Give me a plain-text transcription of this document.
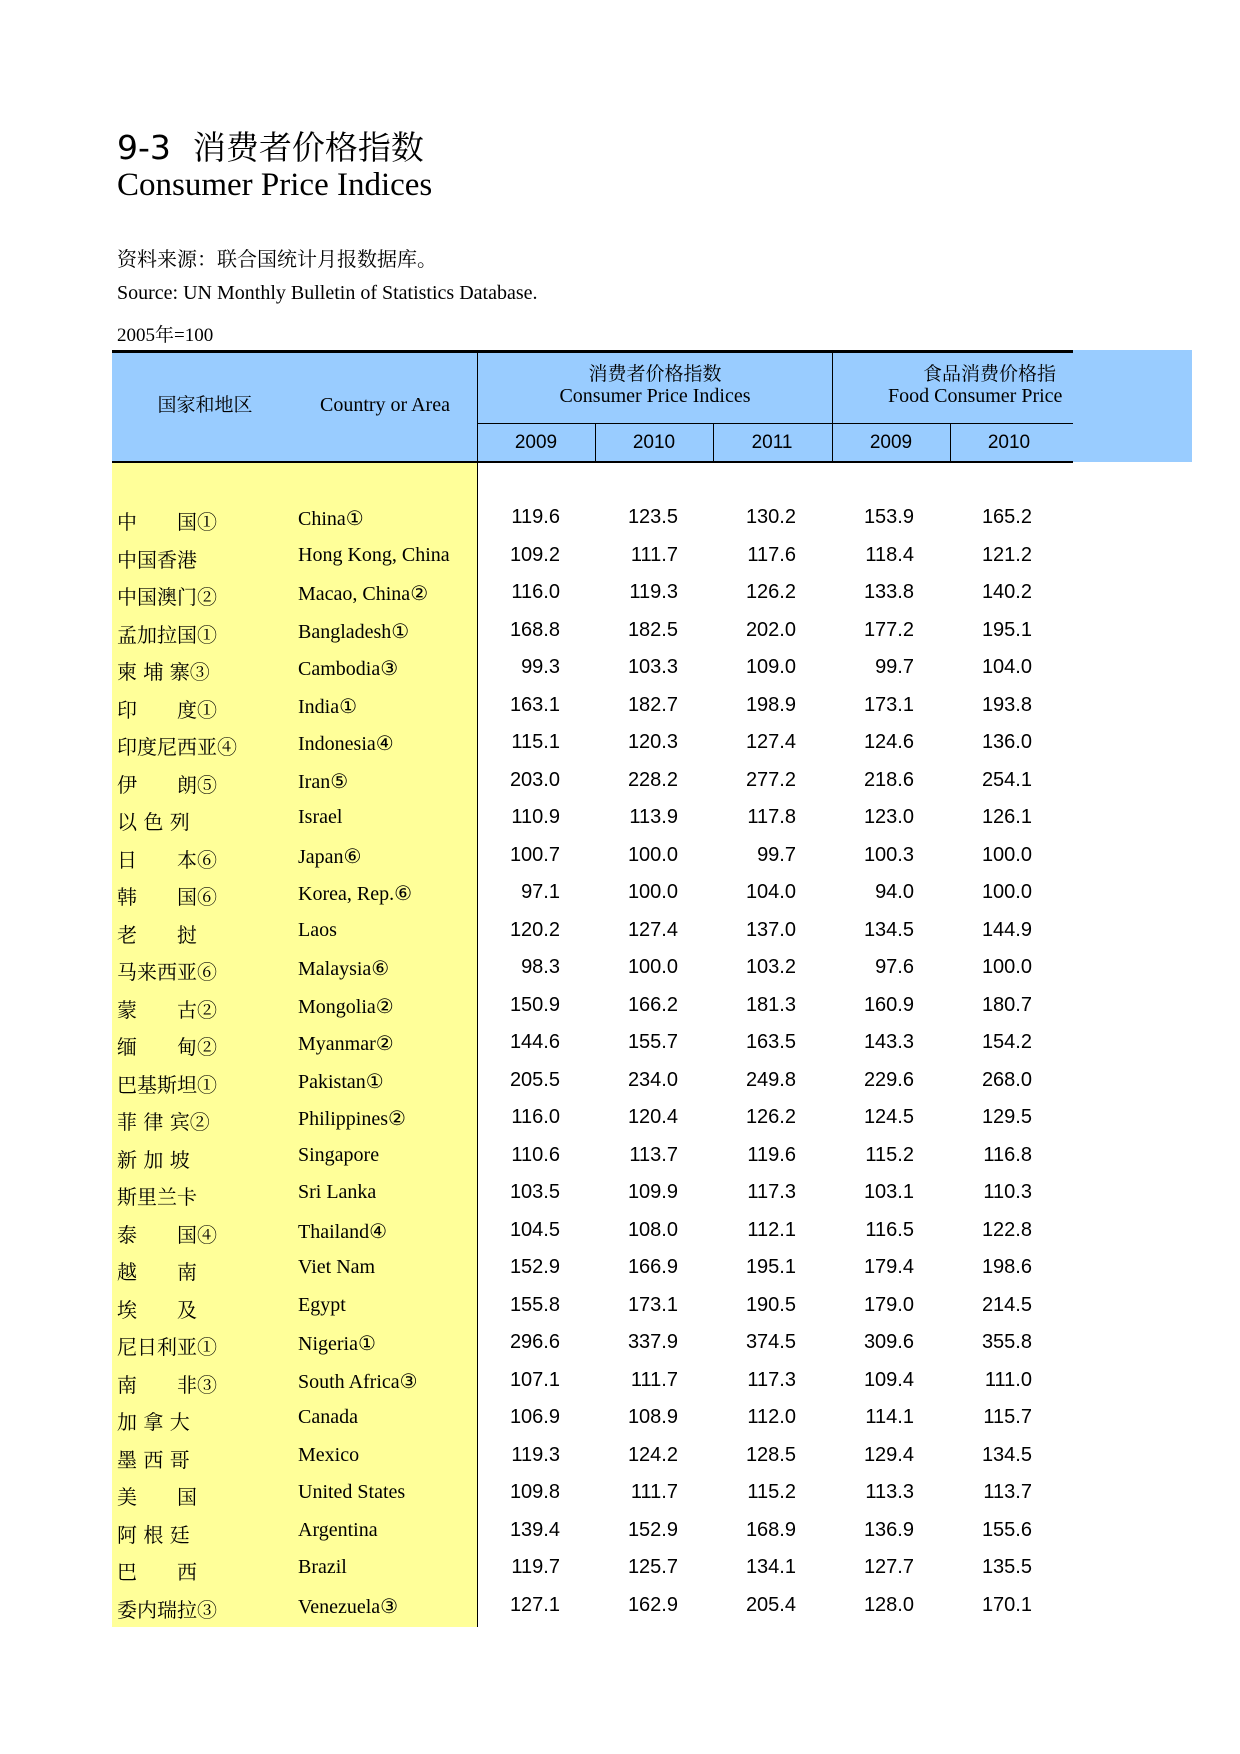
9-3 消费者价格指数
Consumer Price Indices
资料来源：联合国统计月报数据库。
Source: UN Monthly Bulletin of Statistics Database.
2005年=100
国家和地区	Country or Area
消费者价格指数
Consumer Price Indices
食品消费价格指
Food Consumer Price
2009	2010	2011	2009	2010
中　　国①	China①	119.6	123.5	130.2	153.9	165.2
中国香港	Hong Kong, China	109.2	111.7	117.6	118.4	121.2
中国澳门②	Macao, China②	116.0	119.3	126.2	133.8	140.2
孟加拉国①	Bangladesh①	168.8	182.5	202.0	177.2	195.1
柬 埔 寨③	Cambodia③	99.3	103.3	109.0	99.7	104.0
印　　度①	India①	163.1	182.7	198.9	173.1	193.8
印度尼西亚④	Indonesia④	115.1	120.3	127.4	124.6	136.0
伊　　朗⑤	Iran⑤	203.0	228.2	277.2	218.6	254.1
以 色 列	Israel	110.9	113.9	117.8	123.0	126.1
日　　本⑥	Japan⑥	100.7	100.0	99.7	100.3	100.0
韩　　国⑥	Korea, Rep.⑥	97.1	100.0	104.0	94.0	100.0
老　　挝	Laos	120.2	127.4	137.0	134.5	144.9
马来西亚⑥	Malaysia⑥	98.3	100.0	103.2	97.6	100.0
蒙　　古②	Mongolia②	150.9	166.2	181.3	160.9	180.7
缅　　甸②	Myanmar②	144.6	155.7	163.5	143.3	154.2
巴基斯坦①	Pakistan①	205.5	234.0	249.8	229.6	268.0
菲 律 宾②	Philippines②	116.0	120.4	126.2	124.5	129.5
新 加 坡	Singapore	110.6	113.7	119.6	115.2	116.8
斯里兰卡	Sri Lanka	103.5	109.9	117.3	103.1	110.3
泰　　国④	Thailand④	104.5	108.0	112.1	116.5	122.8
越　　南	Viet Nam	152.9	166.9	195.1	179.4	198.6
埃　　及	Egypt	155.8	173.1	190.5	179.0	214.5
尼日利亚①	Nigeria①	296.6	337.9	374.5	309.6	355.8
南　　非③	South Africa③	107.1	111.7	117.3	109.4	111.0
加 拿 大	Canada	106.9	108.9	112.0	114.1	115.7
墨 西 哥	Mexico	119.3	124.2	128.5	129.4	134.5
美　　国	United States	109.8	111.7	115.2	113.3	113.7
阿 根 廷	Argentina	139.4	152.9	168.9	136.9	155.6
巴　　西	Brazil	119.7	125.7	134.1	127.7	135.5
委内瑞拉③	Venezuela③	127.1	162.9	205.4	128.0	170.1
